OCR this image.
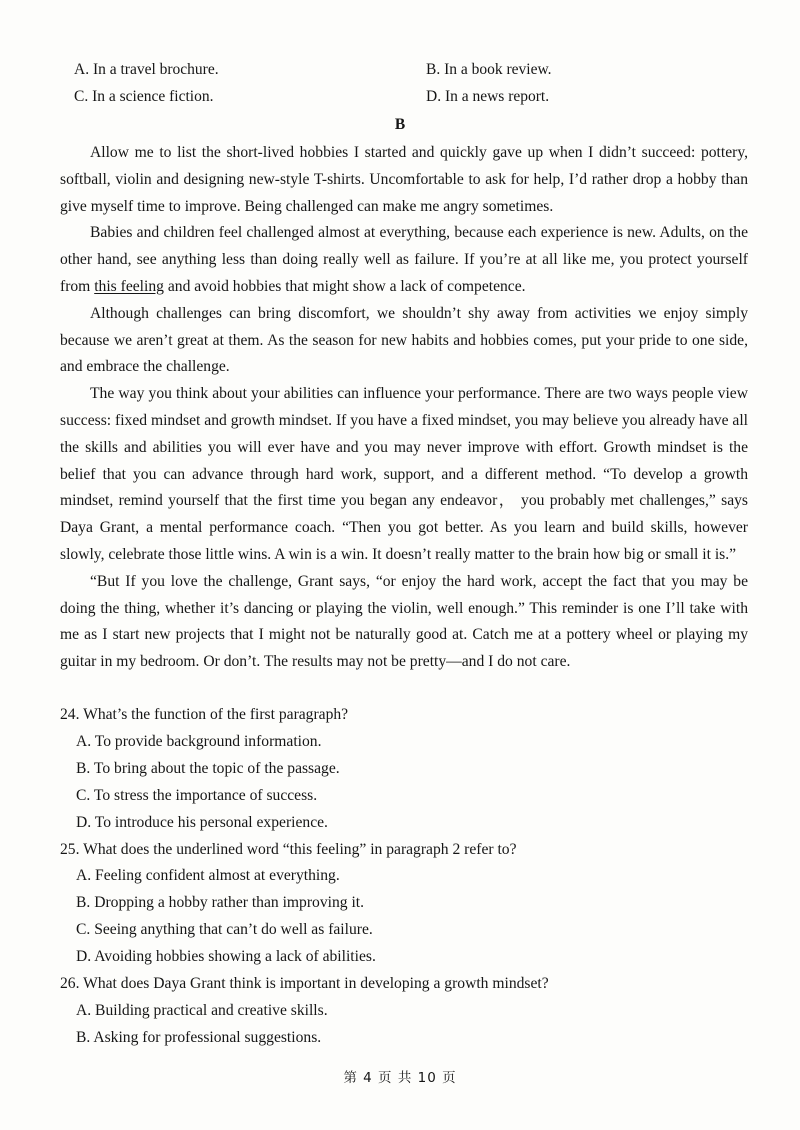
A. In a travel brochure.	B. In a book review.
C. In a science fiction.	D. In a news report.
B

Allow me to list the short-lived hobbies I started and quickly gave up when I didn’t succeed: pottery, softball, violin and designing new-style T-shirts. Uncomfortable to ask for help, I’d rather drop a hobby than give myself time to improve. Being challenged can make me angry sometimes.

Babies and children feel challenged almost at everything, because each experience is new. Adults, on the other hand, see anything less than doing really well as failure. If you’re at all like me, you protect yourself from this feeling and avoid hobbies that might show a lack of competence.

Although challenges can bring discomfort, we shouldn’t shy away from activities we enjoy simply because we aren’t great at them. As the season for new habits and hobbies comes, put your pride to one side, and embrace the challenge.

The way you think about your abilities can influence your performance. There are two ways people view success: fixed mindset and growth mindset. If you have a fixed mindset, you may believe you already have all the skills and abilities you will ever have and you may never improve with effort. Growth mindset is the belief that you can advance through hard work, support, and a different method. “To develop a growth mindset, remind yourself that the first time you began any endeavor， you probably met challenges,” says Daya Grant, a mental performance coach. “Then you got better. As you learn and build skills, however slowly, celebrate those little wins. A win is a win. It doesn’t really matter to the brain how big or small it is.”

“But If you love the challenge, Grant says, “or enjoy the hard work, accept the fact that you may be doing the thing, whether it’s dancing or playing the violin, well enough.” This reminder is one I’ll take with me as I start new projects that I might not be naturally good at. Catch me at a pottery wheel or playing my guitar in my bedroom. Or don’t. The results may not be pretty—and I do not care.

24. What’s the function of the first paragraph?

A. To provide background information.

B. To bring about the topic of the passage.

C. To stress the importance of success.

D. To introduce his personal experience.

25. What does the underlined word “this feeling” in paragraph 2 refer to?

A. Feeling confident almost at everything.

B. Dropping a hobby rather than improving it.

C. Seeing anything that can’t do well as failure.

D. Avoiding hobbies showing a lack of abilities.

26. What does Daya Grant think is important in developing a growth mindset?

A. Building practical and creative skills.

B. Asking for professional suggestions.

第 4 页 共 10 页
